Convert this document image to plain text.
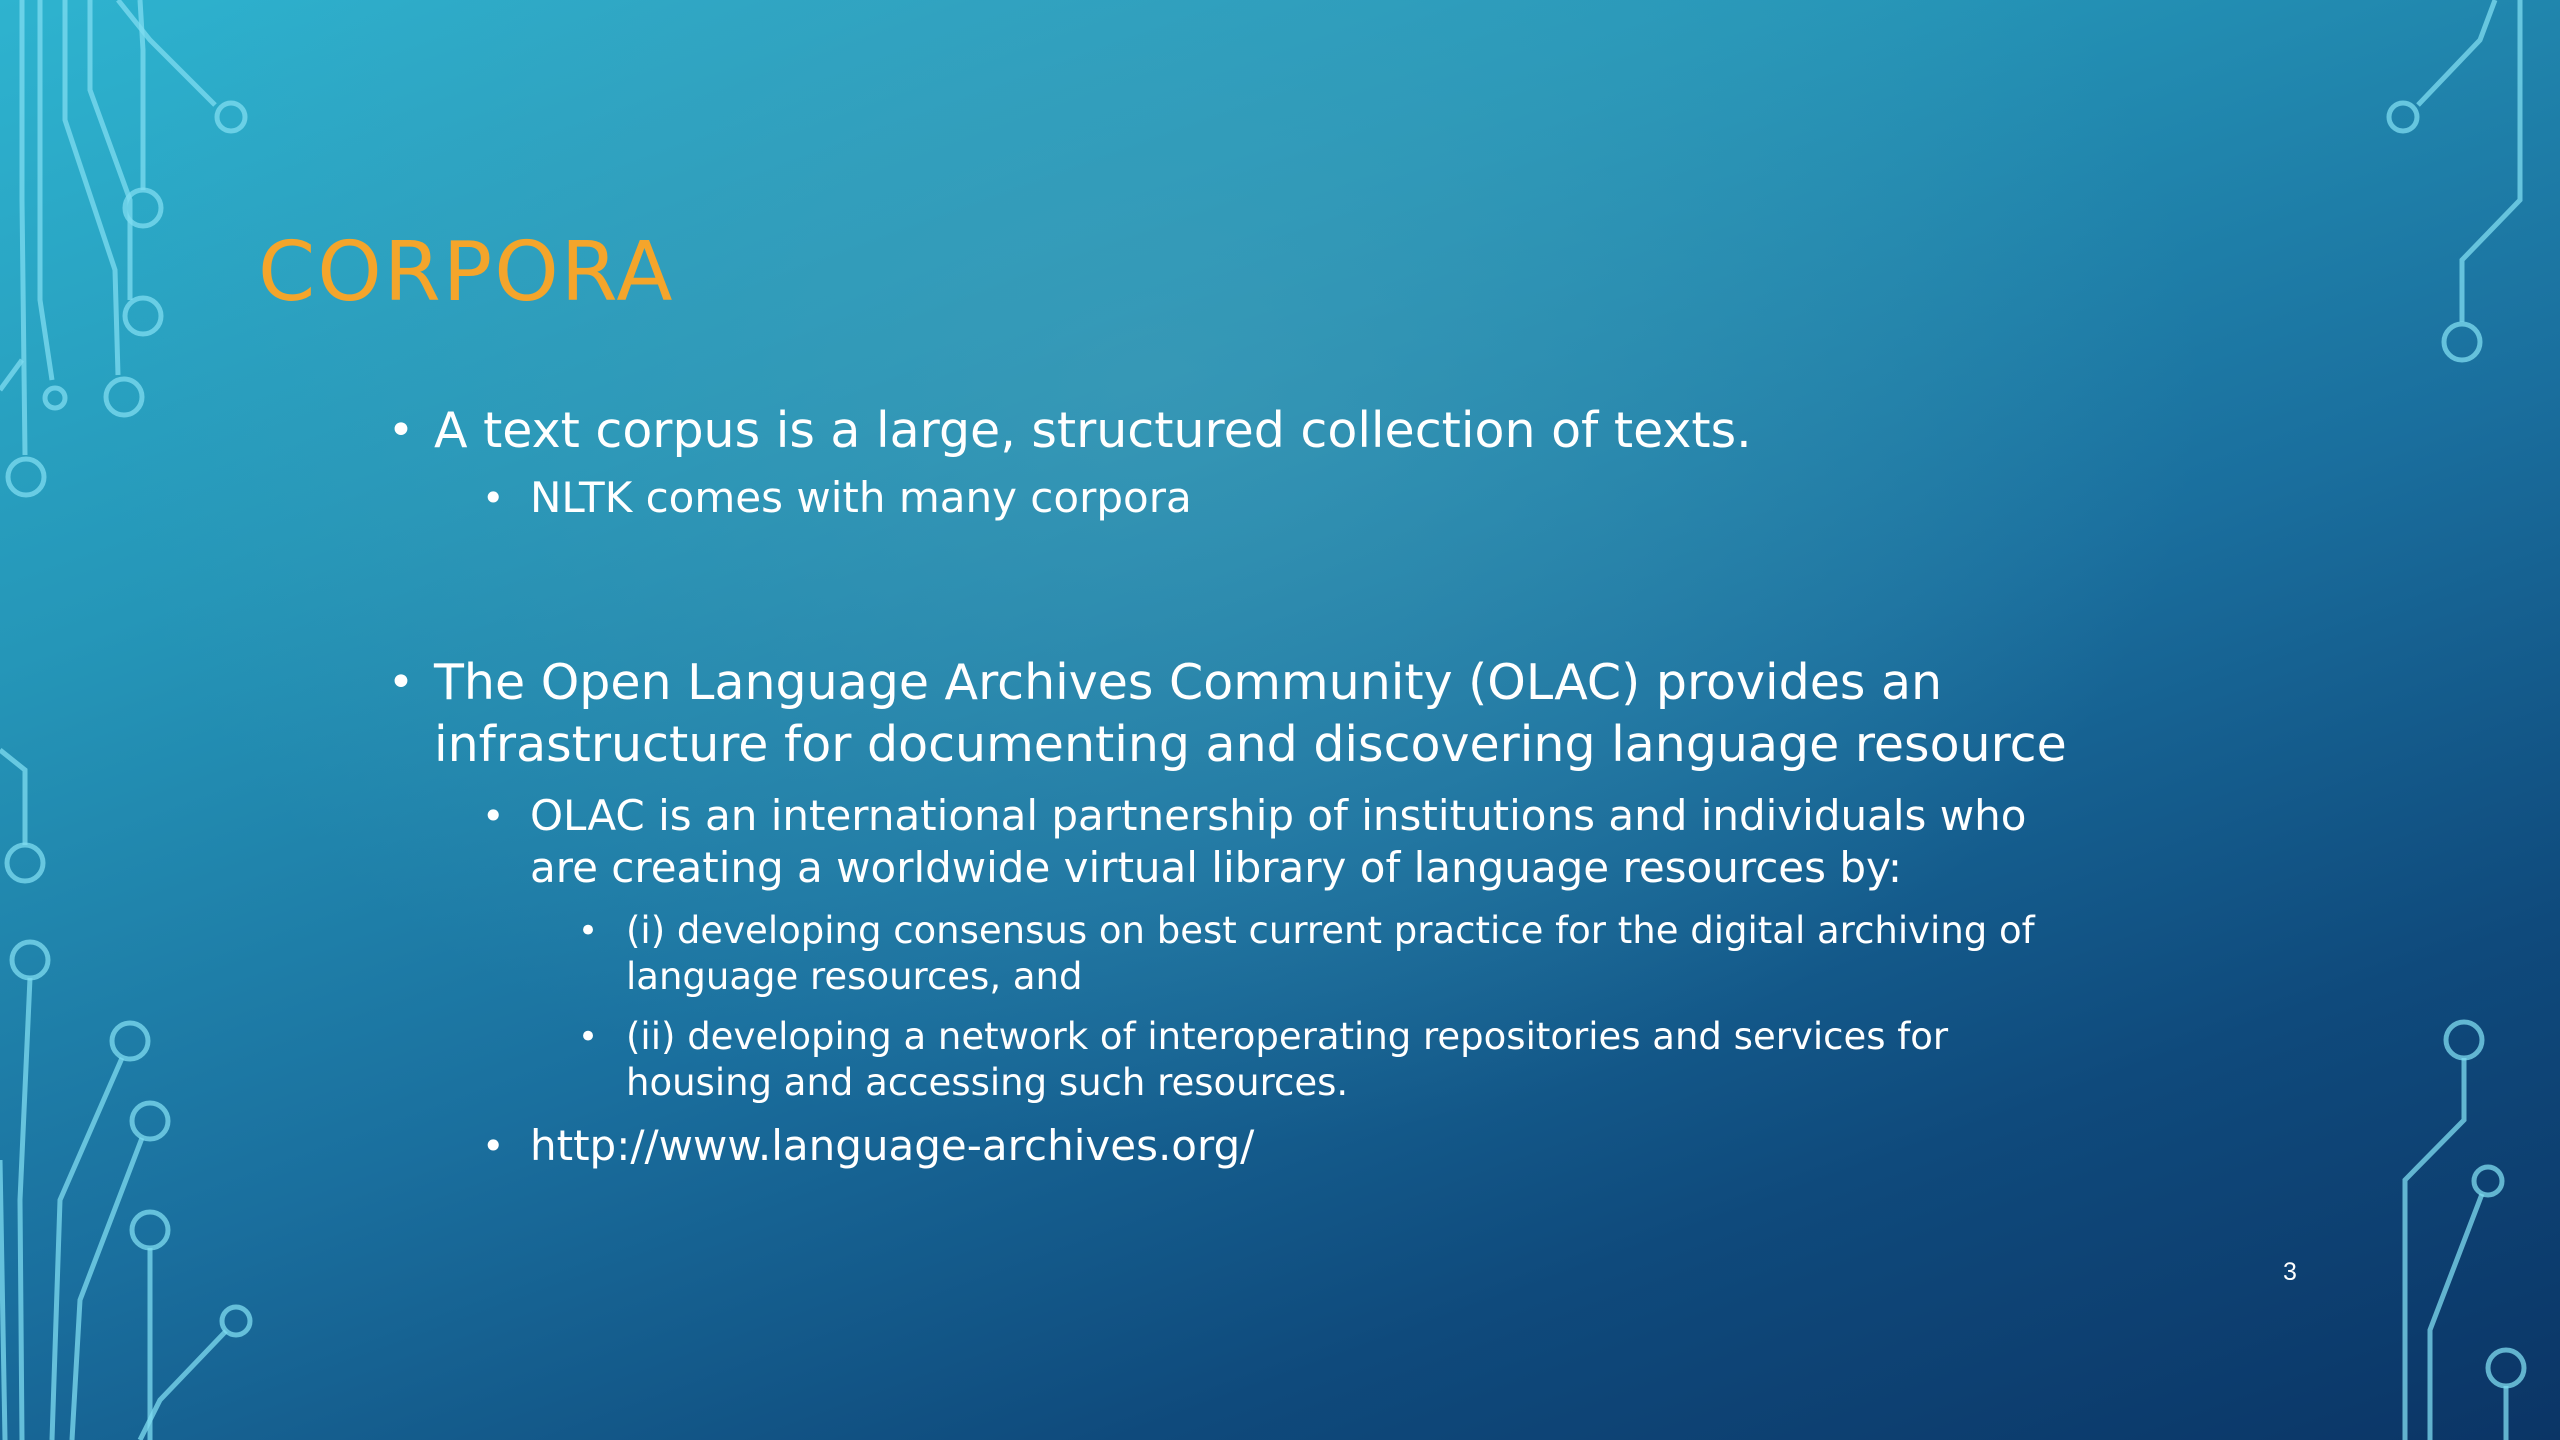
CORPORA

• A text corpus is a large, structured collection of texts.

• NLTK comes with many corpora

• The Open Language Archives Community (OLAC) provides an infrastructure for documenting and discovering language resource

• OLAC is an international partnership of institutions and individuals who are creating a worldwide virtual library of language resources by:

• (i) developing consensus on best current practice for the digital archiving of language resources, and

• (ii) developing a network of interoperating repositories and services for housing and accessing such resources.

• http://www.language-archives.org/

3
